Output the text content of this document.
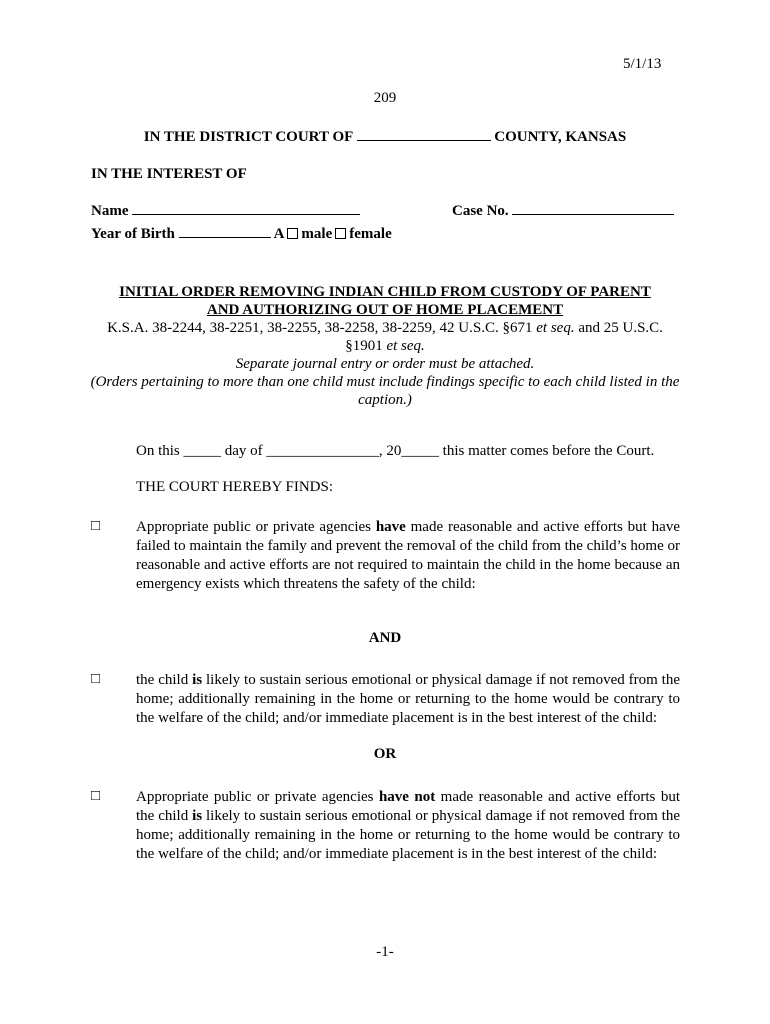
5/1/13
209
IN THE DISTRICT COURT OF	COUNTY, KANSAS
IN THE INTEREST OF
Name	Case No.
Year of Birth	A male female
INITIAL ORDER REMOVING INDIAN CHILD FROM CUSTODY OF PARENT
AND AUTHORIZING OUT OF HOME PLACEMENT
K.S.A. 38-2244, 38-2251, 38-2255, 38-2258, 38-2259, 42 U.S.C. §671 et seq. and 25 U.S.C.
§1901 et seq.
Separate journal entry or order must be attached.
(Orders pertaining to more than one child must include findings specific to each child listed in the caption.)
On this _____ day of _______________, 20_____ this matter comes before the Court.
THE COURT HEREBY FINDS:
□ Appropriate public or private agencies have made reasonable and active efforts but have failed to maintain the family and prevent the removal of the child from the child’s home or reasonable and active efforts are not required to maintain the child in the home because an emergency exists which threatens the safety of the child:
AND
□ the child is likely to sustain serious emotional or physical damage if not removed from the home; additionally remaining in the home or returning to the home would be contrary to the welfare of the child; and/or immediate placement is in the best interest of the child:
OR
□ Appropriate public or private agencies have not made reasonable and active efforts but the child is likely to sustain serious emotional or physical damage if not removed from the home; additionally remaining in the home or returning to the home would be contrary to the welfare of the child; and/or immediate placement is in the best interest of the child:
-1-
